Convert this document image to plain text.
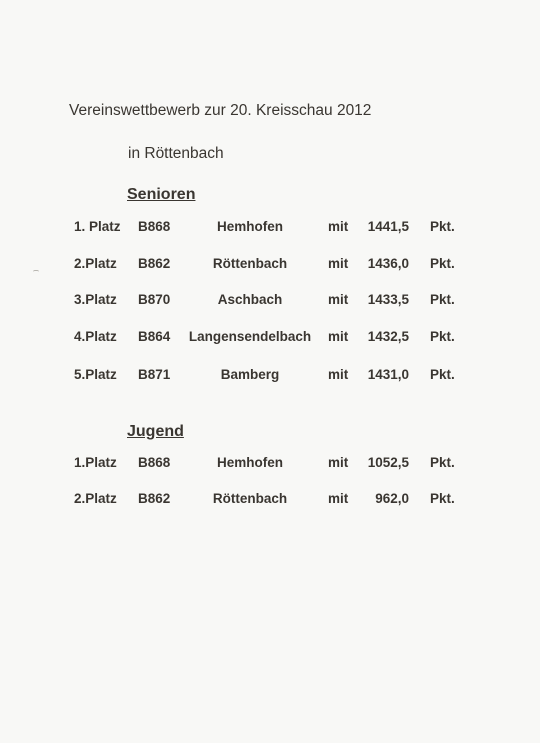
Vereinswettbewerb zur 20. Kreisschau 2012
in Röttenbach
Senioren
1. Platz B868	Hemhofen	mit 1441,5 Pkt.
2.Platz B862	Röttenbach	mit 1436,0 Pkt.
3.Platz B870	Aschbach	mit 1433,5 Pkt.
4.Platz B864 Langensendelbach mit 1432,5 Pkt.
5.Platz B871	Bamberg	mit 1431,0 Pkt.
Jugend
1.Platz B868	Hemhofen	mit 1052,5 Pkt.
2.Platz B862	Röttenbach	mit 962,0 Pkt.
